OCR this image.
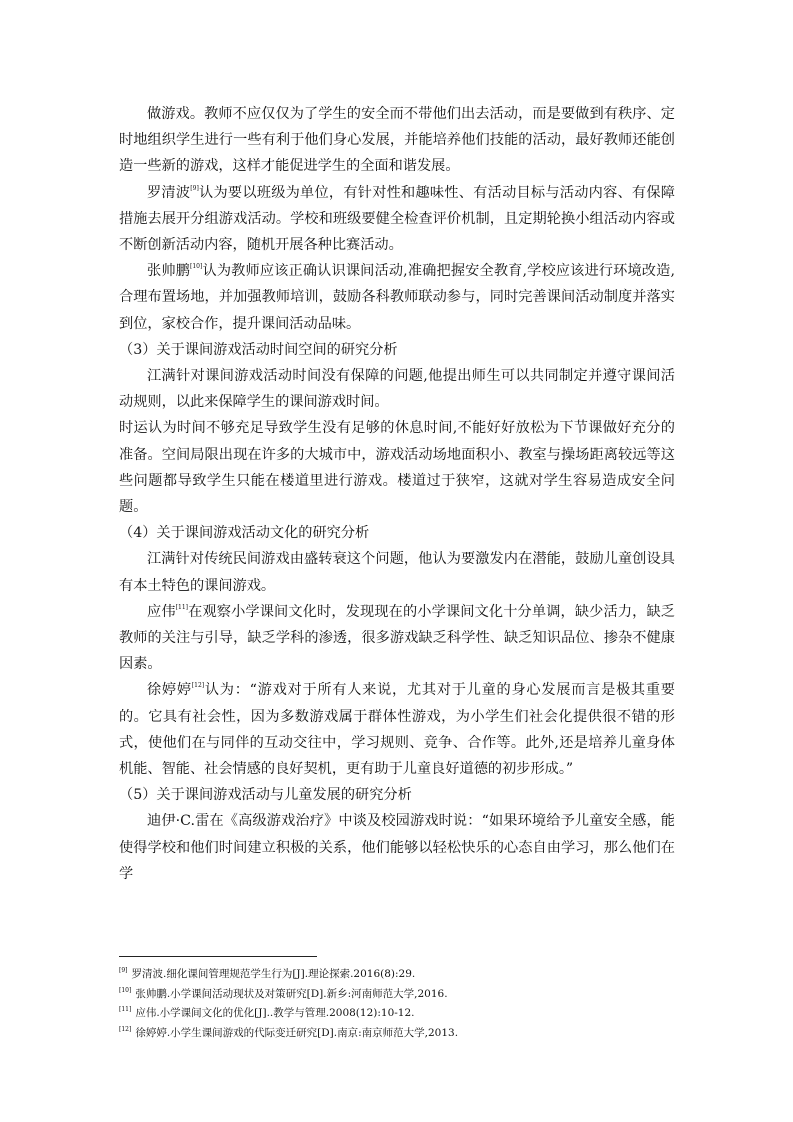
做游戏。教师不应仅仅为了学生的安全而不带他们出去活动，而是要做到有秩序、定时地组织学生进行一些有利于他们身心发展，并能培养他们技能的活动，最好教师还能创造一些新的游戏，这样才能促进学生的全面和谐发展。

罗清波[9]认为要以班级为单位，有针对性和趣味性、有活动目标与活动内容、有保障措施去展开分组游戏活动。学校和班级要健全检查评价机制，且定期轮换小组活动内容或不断创新活动内容，随机开展各种比赛活动。

张帅鹏[10]认为教师应该正确认识课间活动,准确把握安全教育,学校应该进行环境改造,合理布置场地，并加强教师培训，鼓励各科教师联动参与，同时完善课间活动制度并落实到位，家校合作，提升课间活动品味。

（3）关于课间游戏活动时间空间的研究分析

江满针对课间游戏活动时间没有保障的问题,他提出师生可以共同制定并遵守课间活动规则，以此来保障学生的课间游戏时间。

时运认为时间不够充足导致学生没有足够的休息时间,不能好好放松为下节课做好充分的准备。空间局限出现在许多的大城市中，游戏活动场地面积小、教室与操场距离较远等这些问题都导致学生只能在楼道里进行游戏。楼道过于狭窄，这就对学生容易造成安全问题。

（4）关于课间游戏活动文化的研究分析

江满针对传统民间游戏由盛转衰这个问题，他认为要激发内在潜能，鼓励儿童创设具有本土特色的课间游戏。

应伟[11]在观察小学课间文化时，发现现在的小学课间文化十分单调，缺少活力，缺乏教师的关注与引导，缺乏学科的渗透，很多游戏缺乏科学性、缺乏知识品位、掺杂不健康因素。

徐婷婷[12]认为：“游戏对于所有人来说，尤其对于儿童的身心发展而言是极其重要的。它具有社会性，因为多数游戏属于群体性游戏，为小学生们社会化提供很不错的形式，使他们在与同伴的互动交往中，学习规则、竞争、合作等。此外,还是培养儿童身体机能、智能、社会情感的良好契机，更有助于儿童良好道德的初步形成。”

（5）关于课间游戏活动与儿童发展的研究分析

迪伊·C.雷在《高级游戏治疗》中谈及校园游戏时说：“如果环境给予儿童安全感，能使得学校和他们时间建立积极的关系，他们能够以轻松快乐的心态自由学习，那么他们在学

[9] 罗清波.细化课间管理规范学生行为[J].理论探索.2016(8):29.

[10] 张帅鹏.小学课间活动现状及对策研究[D].新乡:河南师范大学,2016.

[11] 应伟.小学课间文化的优化[J]..教学与管理.2008(12):10-12.

[12] 徐婷婷.小学生课间游戏的代际变迁研究[D].南京:南京师范大学,2013.
